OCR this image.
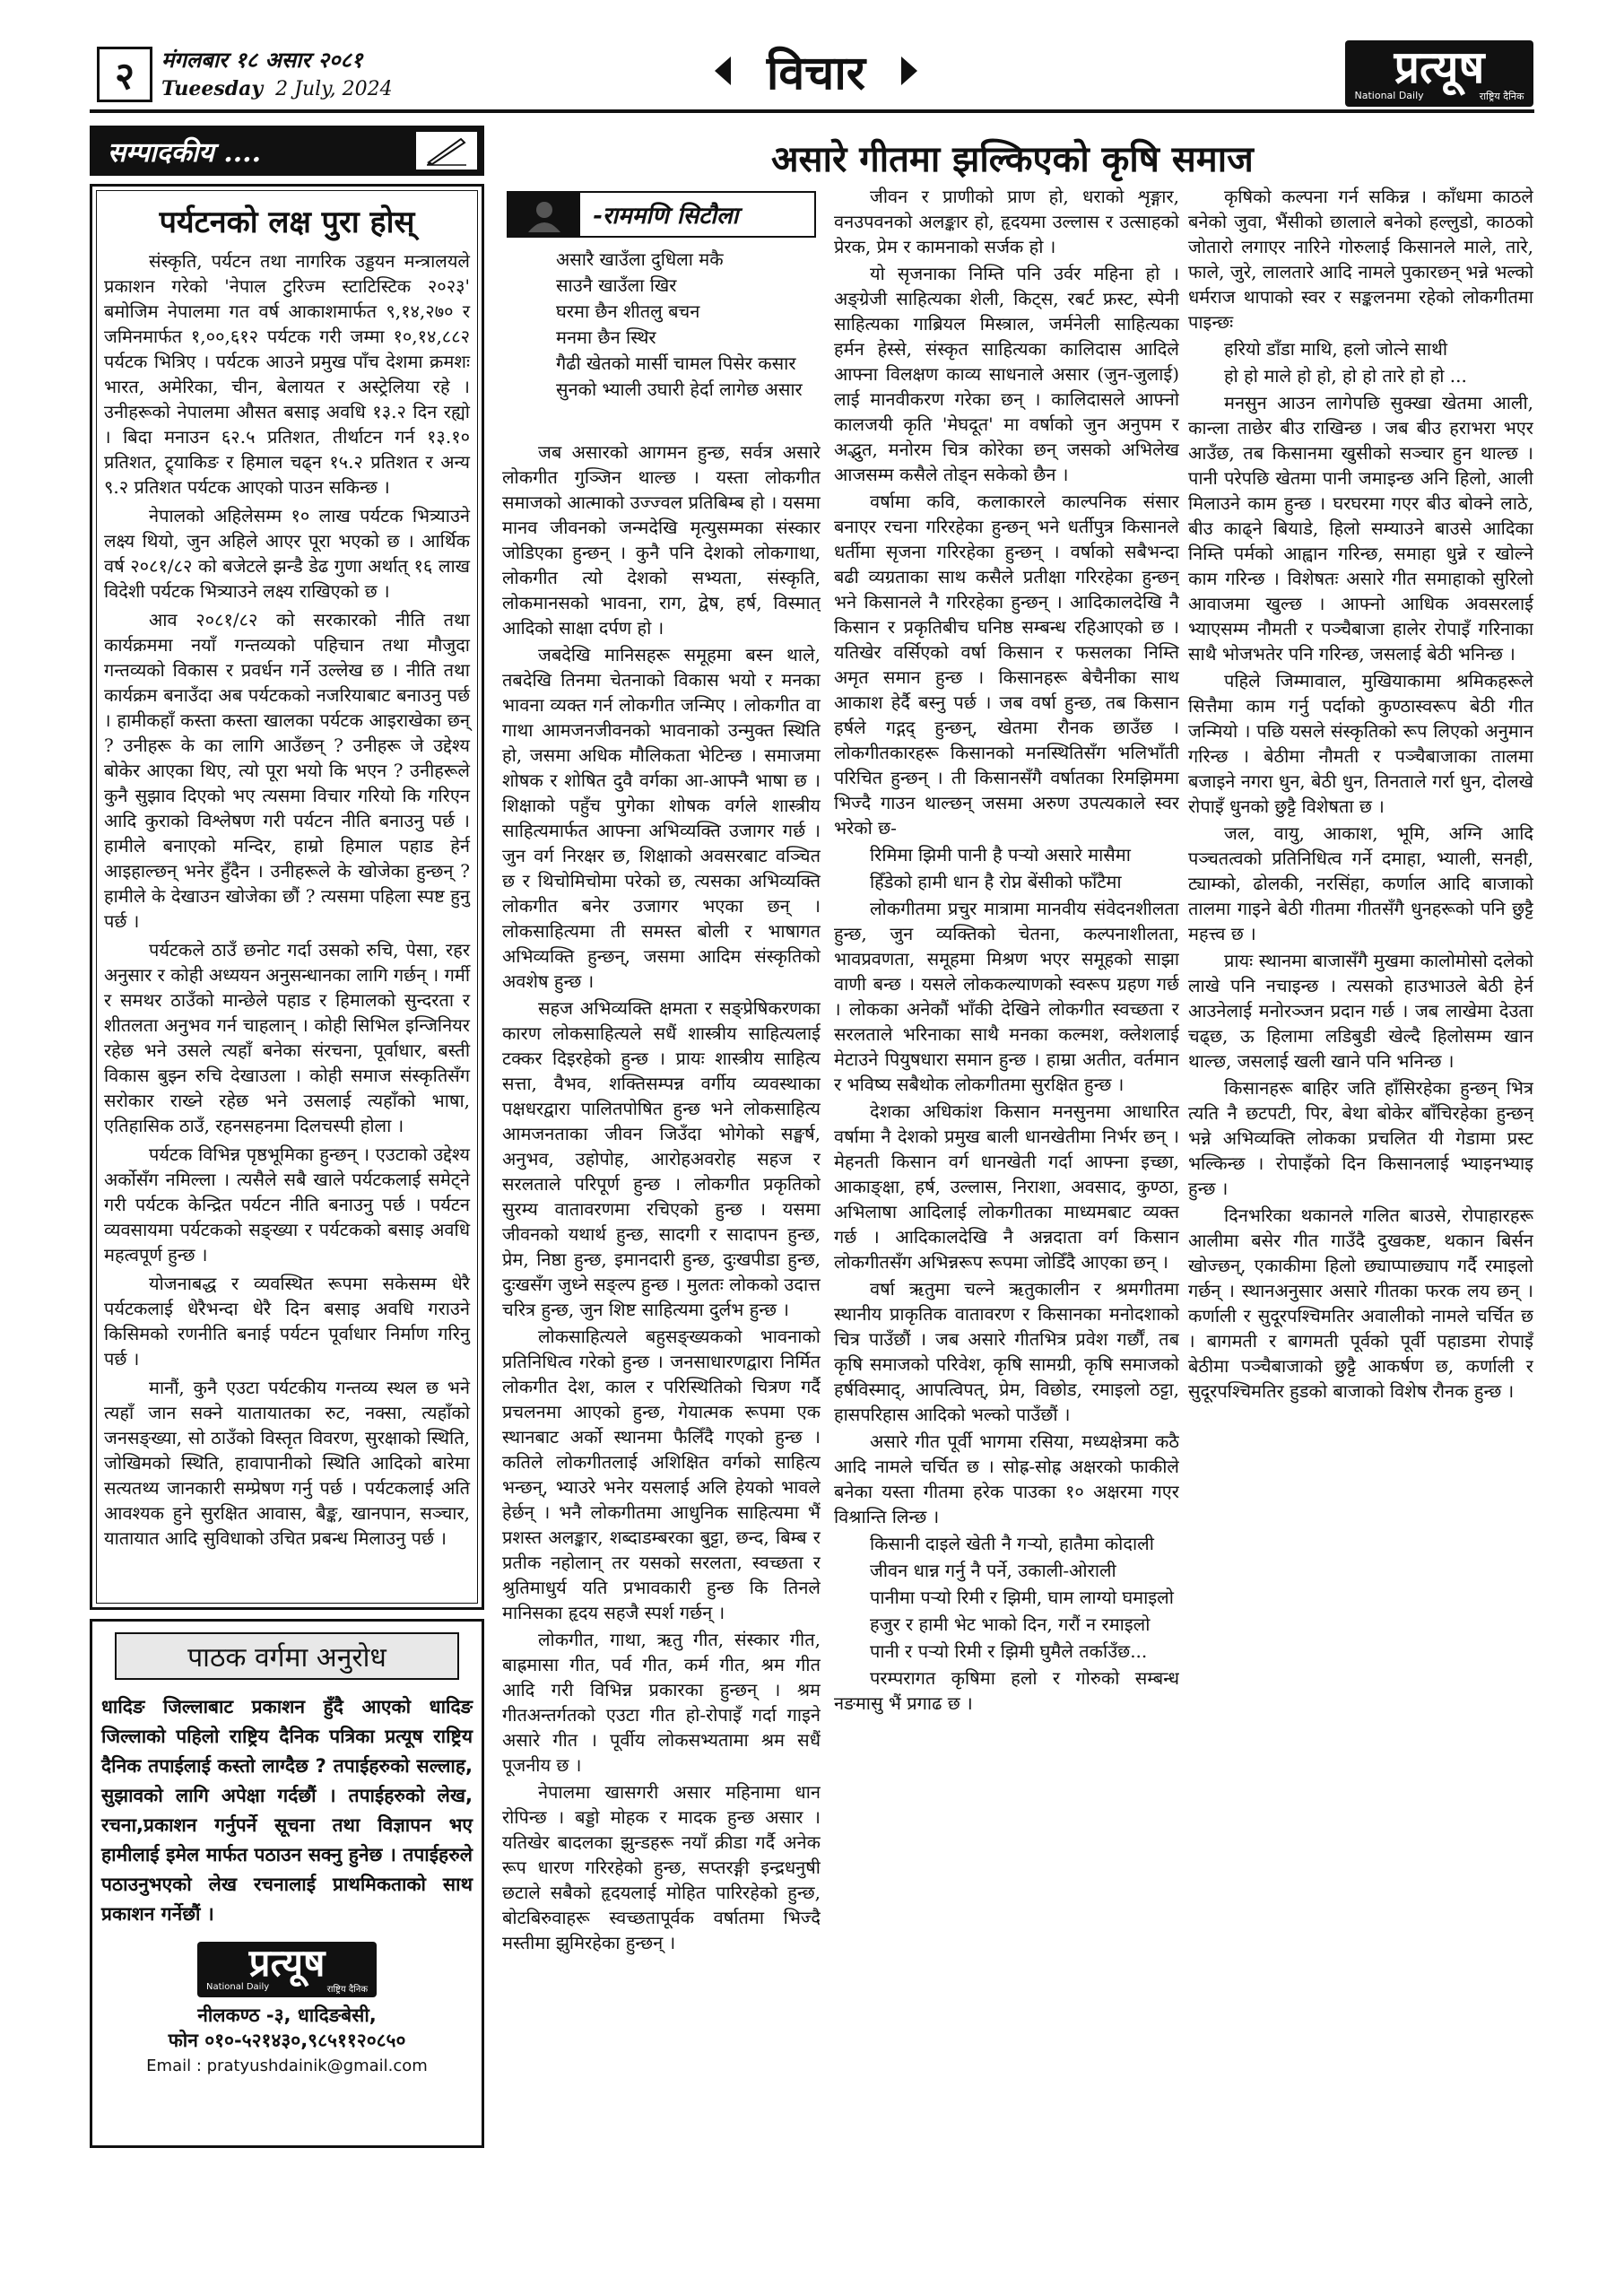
२	मंगलबार १८ असार २०८१
Tueesday 2 July, 2024	विचार	प्रत्यूष
National Daily	राष्ट्रिय दैनिक
सम्पादकीय ....
पर्यटनको लक्ष पुरा होस्

संस्कृति, पर्यटन तथा नागरिक उड्डयन मन्त्रालयले प्रकाशन गरेको 'नेपाल टुरिज्म स्टाटिस्टिक २०२३' बमोजिम नेपालमा गत वर्ष आकाशमार्फत ९,१४,२७० र जमिनमार्फत १,००,६१२ पर्यटक गरी जम्मा १०,१४,८८२ पर्यटक भित्रिए । पर्यटक आउने प्रमुख पाँच देशमा क्रमशः भारत, अमेरिका, चीन, बेलायत र अस्ट्रेलिया रहे । उनीहरूको नेपालमा औसत बसाइ अवधि १३.२ दिन रह्यो । बिदा मनाउन ६२.५ प्रतिशत, तीर्थाटन गर्न १३.१० प्रतिशत, ट्र्याकिङ र हिमाल चढ्न १५.२ प्रतिशत र अन्य ९.२ प्रतिशत पर्यटक आएको पाउन सकिन्छ ।

नेपालको अहिलेसम्म १० लाख पर्यटक भित्र्याउने लक्ष्य थियो, जुन अहिले आएर पूरा भएको छ । आर्थिक वर्ष २०८१/८२ को बजेटले झन्डै डेढ गुणा अर्थात् १६ लाख विदेशी पर्यटक भित्र्याउने लक्ष्य राखिएको छ ।

आव २०८१/८२ को सरकारको नीति तथा कार्यक्रममा नयाँ गन्तव्यको पहिचान तथा मौजुदा गन्तव्यको विकास र प्रवर्धन गर्ने उल्लेख छ । नीति तथा कार्यक्रम बनाउँदा अब पर्यटकको नजरियाबाट बनाउनु पर्छ । हामीकहाँ कस्ता कस्ता खालका पर्यटक आइराखेका छन् ? उनीहरू के का लागि आउँछन् ? उनीहरू जे उद्देश्य बोकेर आएका थिए, त्यो पूरा भयो कि भएन ? उनीहरूले कुनै सुझाव दिएको भए त्यसमा विचार गरियो कि गरिएन आदि कुराको विश्लेषण गरी पर्यटन नीति बनाउनु पर्छ । हामीले बनाएको मन्दिर, हाम्रो हिमाल पहाड हेर्न आइहाल्छन् भनेर हुँदैन । उनीहरूले के खोजेका हुन्छन् ? हामीले के देखाउन खोजेका छौं ? त्यसमा पहिला स्पष्ट हुनु पर्छ ।

पर्यटकले ठाउँ छनोट गर्दा उसको रुचि, पेसा, रहर अनुसार र कोही अध्ययन अनुसन्धानका लागि गर्छन् । गर्मी र समथर ठाउँको मान्छेले पहाड र हिमालको सुन्दरता र शीतलता अनुभव गर्न चाहलान् । कोही सिभिल इन्जिनियर रहेछ भने उसले त्यहाँ बनेका संरचना, पूर्वाधार, बस्ती विकास बुझ्न रुचि देखाउला । कोही समाज संस्कृतिसँग सरोकार राख्ने रहेछ भने उसलाई त्यहाँको भाषा, एतिहासिक ठाउँ, रहनसहनमा दिलचस्पी होला ।

पर्यटक विभिन्न पृष्ठभूमिका हुन्छन् । एउटाको उद्देश्य अर्कोसँग नमिल्ला । त्यसैले सबै खाले पर्यटकलाई समेट्ने गरी पर्यटक केन्द्रित पर्यटन नीति बनाउनु पर्छ । पर्यटन व्यवसायमा पर्यटकको सङ्ख्या र पर्यटकको बसाइ अवधि महत्वपूर्ण हुन्छ ।

योजनाबद्ध र व्यवस्थित रूपमा सकेसम्म धेरै पर्यटकलाई धेरैभन्दा धेरै दिन बसाइ अवधि गराउने किसिमको रणनीति बनाई पर्यटन पूर्वाधार निर्माण गरिनु पर्छ ।

मानौं, कुनै एउटा पर्यटकीय गन्तव्य स्थल छ भने त्यहाँ जान सक्ने यातायातका रुट, नक्सा, त्यहाँको जनसङ्ख्या, सो ठाउँको विस्तृत विवरण, सुरक्षाको स्थिति, जोखिमको स्थिति, हावापानीको स्थिति आदिको बारेमा सत्यतथ्य जानकारी सम्प्रेषण गर्नु पर्छ । पर्यटकलाई अति आवश्यक हुने सुरक्षित आवास, बैङ्क, खानपान, सञ्चार, यातायात आदि सुविधाको उचित प्रबन्ध मिलाउनु पर्छ ।

पाठक वर्गमा अनुरोध
धादिङ जिल्लाबाट प्रकाशन हुँदै आएको धादिङ जिल्लाको पहिलो राष्ट्रिय दैनिक पत्रिका प्रत्यूष राष्ट्रिय दैनिक तपाईलाई कस्तो लाग्दैछ ? तपाईहरुको सल्लाह, सुझावको लागि अपेक्षा गर्दछौं । तपाईहरुको लेख, रचना,प्रकाशन गर्नुपर्ने सूचना तथा विज्ञापन भए हामीलाई इमेल मार्फत पठाउन सक्नु हुनेछ । तपाईहरुले पठाउनुभएको लेख रचनालाई प्राथमिकताको साथ प्रकाशन गर्नेछौं ।
प्रत्यूष
National Daily	राष्ट्रिय दैनिक
नीलकण्ठ -३, धादिङबेसी,
फोन ०१०-५२१४३०,९८५११२०८५०
Email : pratyushdainik@gmail.com
असारे गीतमा झल्किएको कृषि समाज
-राममणि सिटौला
असारै खाउँला दुधिला मकै
साउनै खाउँला खिर
घरमा छैन शीतलु बचन
मनमा छैन स्थिर
गैढी खेतको मार्सी चामल पिसेर कसार
सुनको भ्याली उघारी हेर्दा लागेछ असार

जब असारको आगमन हुन्छ, सर्वत्र असारे लोकगीत गुञ्जिन थाल्छ । यस्ता लोकगीत समाजको आत्माको उज्ज्वल प्रतिबिम्ब हो । यसमा मानव जीवनको जन्मदेखि मृत्युसम्मका संस्कार जोडिएका हुन्छन् । कुनै पनि देशको लोकगाथा, लोकगीत त्यो देशको सभ्यता, संस्कृति, लोकमानसको भावना, राग, द्वेष, हर्ष, विस्मात् आदिको साक्षा दर्पण हो ।

जबदेखि मानिसहरू समूहमा बस्न थाले, तबदेखि तिनमा चेतनाको विकास भयो र मनका भावना व्यक्त गर्न लोकगीत जन्मिए । लोकगीत वा गाथा आमजनजीवनको भावनाको उन्मुक्त स्थिति हो, जसमा अधिक मौलिकता भेटिन्छ । समाजमा शोषक र शोषित दुवै वर्गका आ-आफ्नै भाषा छ । शिक्षाको पहुँच पुगेका शोषक वर्गले शास्त्रीय साहित्यमार्फत आफ्ना अभिव्यक्ति उजागर गर्छ । जुन वर्ग निरक्षर छ, शिक्षाको अवसरबाट वञ्चित छ र थिचोमिचोमा परेको छ, त्यसका अभिव्यक्ति लोकगीत बनेर उजागर भएका छन् । लोकसाहित्यमा ती समस्त बोली र भाषागत अभिव्यक्ति हुन्छन्, जसमा आदिम संस्कृतिको अवशेष हुन्छ ।

सहज अभिव्यक्ति क्षमता र सङ्प्रेषिकरणका कारण लोकसाहित्यले सधैं शास्त्रीय साहित्यलाई टक्कर दिइरहेको हुन्छ । प्रायः शास्त्रीय साहित्य सत्ता, वैभव, शक्तिसम्पन्न वर्गीय व्यवस्थाका पक्षधरद्वारा पालितपोषित हुन्छ भने लोकसाहित्य आमजनताका जीवन जिउँदा भोगेको सङ्घर्ष, अनुभव, उहोपोह, आरोहअवरोह सहज र सरलताले परिपूर्ण हुन्छ । लोकगीत प्रकृतिको सुरम्य वातावरणमा रचिएको हुन्छ । यसमा जीवनको यथार्थ हुन्छ, सादगी र सादापन हुन्छ, प्रेम, निष्ठा हुन्छ, इमानदारी हुन्छ, दुःखपीडा हुन्छ, दुःखसँग जुध्ने सङ्ल्प हुन्छ । मुलतः लोकको उदात्त चरित्र हुन्छ, जुन शिष्ट साहित्यमा दुर्लभ हुन्छ ।

लोकसाहित्यले बहुसङ्ख्यकको भावनाको प्रतिनिधित्व गरेको हुन्छ । जनसाधारणद्वारा निर्मित लोकगीत देश, काल र परिस्थितिको चित्रण गर्दै प्रचलनमा आएको हुन्छ, गेयात्मक रूपमा एक स्थानबाट अर्को स्थानमा फैलिँदै गएको हुन्छ । कतिले लोकगीतलाई अशिक्षित वर्गको साहित्य भन्छन्, भ्याउरे भनेर यसलाई अलि हेयको भावले हेर्छन् । भनै लोकगीतमा आधुनिक साहित्यमा भैं प्रशस्त अलङ्कार, शब्दाडम्बरका बुट्टा, छन्द, बिम्ब र प्रतीक नहोलान् तर यसको सरलता, स्वच्छता र श्रुतिमाधुर्य यति प्रभावकारी हुन्छ कि तिनले मानिसका हृदय सहजै स्पर्श गर्छन् ।

लोकगीत, गाथा, ऋतु गीत, संस्कार गीत, बाह्रमासा गीत, पर्व गीत, कर्म गीत, श्रम गीत आदि गरी विभिन्न प्रकारका हुन्छन् । श्रम गीतअन्तर्गतको एउटा गीत हो-रोपाइँ गर्दा गाइने असारे गीत । पूर्वीय लोकसभ्यतामा श्रम सधैं पूजनीय छ ।

नेपालमा खासगरी असार महिनामा धान रोपिन्छ । बड्डो मोहक र मादक हुन्छ असार । यतिखेर बादलका झुन्डहरू नयाँ क्रीडा गर्दै अनेक रूप धारण गरिरहेको हुन्छ, सप्तरङ्गी इन्द्रधनुषी छटाले सबैको हृदयलाई मोहित पारिरहेको हुन्छ, बोटबिरुवाहरू स्वच्छतापूर्वक वर्षातमा भिज्दै मस्तीमा झुमिरहेका हुन्छन् ।

जीवन र प्राणीको प्राण हो, धराको शृङ्गार, वनउपवनको अलङ्कार हो, हृदयमा उल्लास र उत्साहको प्रेरक, प्रेम र कामनाको सर्जक हो ।

यो सृजनाका निम्ति पनि उर्वर महिना हो । अङ्ग्रेजी साहित्यका शेली, किट्स, रबर्ट फ्रस्ट, स्पेनी साहित्यका गाब्रियल मिस्त्राल, जर्मनेली साहित्यका हर्मन हेस्से, संस्कृत साहित्यका कालिदास आदिले आफ्ना विलक्षण काव्य साधनाले असार (जुन-जुलाई) लाई मानवीकरण गरेका छन् । कालिदासले आफ्नो कालजयी कृति 'मेघदूत' मा वर्षाको जुन अनुपम र अद्भुत, मनोरम चित्र कोरेका छन् जसको अभिलेख आजसम्म कसैले तोड्न सकेको छैन ।

वर्षामा कवि, कलाकारले काल्पनिक संसार बनाएर रचना गरिरहेका हुन्छन् भने धर्तीपुत्र किसानले धर्तीमा सृजना गरिरहेका हुन्छन् । वर्षाको सबैभन्दा बढी व्यग्रताका साथ कसैले प्रतीक्षा गरिरहेका हुन्छन् भने किसानले नै गरिरहेका हुन्छन् । आदिकालदेखि नै किसान र प्रकृतिबीच घनिष्ठ सम्बन्ध रहिआएको छ । यतिखेर वर्सिएको वर्षा किसान र फसलका निम्ति अमृत समान हुन्छ । किसानहरू बेचैनीका साथ आकाश हेर्दै बस्नु पर्छ । जब वर्षा हुन्छ, तब किसान हर्षले गद्गद् हुन्छन्, खेतमा रौनक छाउँछ । लोकगीतकारहरू किसानको मनस्थितिसँग भलिभाँती परिचित हुन्छन् । ती किसानसँगै वर्षातका रिमझिममा भिज्दै गाउन थाल्छन् जसमा अरुण उपत्यकाले स्वर भरेको छ-

रिमिमा झिमी पानी है पऱ्यो असारे मासैमा

हिँडेको हामी धान है रोप्न बेंसीको फाँटैमा

लोकगीतमा प्रचुर मात्रामा मानवीय संवेदनशीलता हुन्छ, जुन व्यक्तिको चेतना, कल्पनाशीलता, भावप्रवणता, समूहमा मिश्रण भएर समूहको साझा वाणी बन्छ । यसले लोककल्याणको स्वरूप ग्रहण गर्छ । लोकका अनेकौं भाँकी देखिने लोकगीत स्वच्छता र सरलताले भरिनाका साथै मनका कल्मश, क्लेशलाई मेटाउने पियुषधारा समान हुन्छ । हाम्रा अतीत, वर्तमान र भविष्य सबैथोक लोकगीतमा सुरक्षित हुन्छ ।

देशका अधिकांश किसान मनसुनमा आधारित वर्षामा नै देशको प्रमुख बाली धानखेतीमा निर्भर छन् । मेहनती किसान वर्ग धानखेती गर्दा आफ्ना इच्छा, आकाङ्क्षा, हर्ष, उल्लास, निराशा, अवसाद, कुण्ठा, अभिलाषा आदिलाई लोकगीतका माध्यमबाट व्यक्त गर्छ । आदिकालदेखि नै अन्नदाता वर्ग किसान लोकगीतसँग अभिन्नरूप रूपमा जोडिँदै आएका छन् ।

वर्षा ऋतुमा चल्ने ऋतुकालीन र श्रमगीतमा स्थानीय प्राकृतिक वातावरण र किसानका मनोदशाको चित्र पाउँछौं । जब असारे गीतभित्र प्रवेश गर्छौं, तब कृषि समाजको परिवेश, कृषि सामग्री, कृषि समाजको हर्षविस्माद्, आपत्विपत्, प्रेम, विछोड, रमाइलो ठट्टा, हासपरिहास आदिको भल्को पाउँछौं ।

असारे गीत पूर्वी भागमा रसिया, मध्यक्षेत्रमा कठै आदि नामले चर्चित छ । सोह्र-सोह्र अक्षरको फाकीले बनेका यस्ता गीतमा हरेक पाउका १० अक्षरमा गएर विश्रान्ति लिन्छ ।

किसानी दाइले खेती नै गऱ्यो, हातैमा कोदाली

जीवन धान्न गर्नु नै पर्ने, उकाली-ओराली

पानीमा पऱ्यो रिमी र झिमी, घाम लाग्यो घमाइलो

हजुर र हामी भेट भाको दिन, गरौं न रमाइलो

पानी र पऱ्यो रिमी र झिमी घुमैले तर्काउँछ...

परम्परागत कृषिमा हलो र गोरुको सम्बन्ध नङमासु भैं प्रगाढ छ ।

कृषिको कल्पना गर्न सकिन्न । काँधमा काठले बनेको जुवा, भैंसीको छालाले बनेको हल्लुडो, काठको जोतारो लगाएर नारिने गोरुलाई किसानले माले, तारे, फाले, जुरे, लालतारे आदि नामले पुकारछन् भन्ने भल्को धर्मराज थापाको स्वर र सङ्कलनमा रहेको लोकगीतमा पाइन्छः

हरियो डाँडा माथि, हलो जोत्ने साथी

हो हो माले हो हो, हो हो तारे हो हो ...

मनसुन आउन लागेपछि सुक्खा खेतमा आली, कान्ला ताछेर बीउ राखिन्छ । जब बीउ हराभरा भएर आउँछ, तब किसानमा खुसीको सञ्चार हुन थाल्छ । पानी परेपछि खेतमा पानी जमाइन्छ अनि हिलो, आली मिलाउने काम हुन्छ । घरघरमा गएर बीउ बोक्ने लाठे, बीउ काढ्ने बियाडे, हिलो सम्याउने बाउसे आदिका निम्ति पर्मको आह्वान गरिन्छ, समाहा धुन्ने र खोल्ने काम गरिन्छ । विशेषतः असारे गीत समाहाको सुरिलो आवाजमा खुल्छ । आफ्नो आधिक अवसरलाई भ्याएसम्म नौमती र पञ्चैबाजा हालेर रोपाइँ गरिनाका साथै भोजभतेर पनि गरिन्छ, जसलाई बेठी भनिन्छ ।

पहिले जिम्मावाल, मुखियाकामा श्रमिकहरूले सित्तैमा काम गर्नु पर्दाको कुण्ठास्वरूप बेठी गीत जन्मियो । पछि यसले संस्कृतिको रूप लिएको अनुमान गरिन्छ । बेठीमा नौमती र पञ्चैबाजाका तालमा बजाइने नगरा धुन, बेठी धुन, तिनताले गर्रा धुन, दोलखे रोपाइँ धुनको छुट्टै विशेषता छ ।

जल, वायु, आकाश, भूमि, अग्नि आदि पञ्चतत्वको प्रतिनिधित्व गर्ने दमाहा, भ्याली, सनही, ट्याम्को, ढोलकी, नरसिंहा, कर्णाल आदि बाजाको तालमा गाइने बेठी गीतमा गीतसँगै धुनहरूको पनि छुट्टै महत्त्व छ ।

प्रायः स्थानमा बाजासँगै मुखमा कालोमोसो दलेको लाखे पनि नचाइन्छ । त्यसको हाउभाउले बेठी हेर्न आउनेलाई मनोरञ्जन प्रदान गर्छ । जब लाखेमा देउता चढ्छ, ऊ हिलामा लडिबुडी खेल्दै हिलोसम्म खान थाल्छ, जसलाई खली खाने पनि भनिन्छ ।

किसानहरू बाहिर जति हाँसिरहेका हुन्छन् भित्र त्यति नै छटपटी, पिर, बेथा बोकेर बाँचिरहेका हुन्छन् भन्ने अभिव्यक्ति लोकका प्रचलित यी गेडामा प्रस्ट भल्किन्छ । रोपाइँको दिन किसानलाई भ्याइनभ्याइ हुन्छ ।

दिनभरिका थकानले गलित बाउसे, रोपाहारहरू आलीमा बसेर गीत गाउँदै दुखकष्ट, थकान बिर्सन खोज्छन्, एकाकीमा हिलो छ्याप्पाछ्याप गर्दै रमाइलो गर्छन् । स्थानअनुसार असारे गीतका फरक लय छन् । कर्णाली र सुदूरपश्चिमतिर अवालीको नामले चर्चित छ । बागमती र बागमती पूर्वको पूर्वी पहाडमा रोपाइँ बेठीमा पञ्चैबाजाको छुट्टै आकर्षण छ, कर्णाली र सुदूरपश्चिमतिर हुडको बाजाको विशेष रौनक हुन्छ ।
